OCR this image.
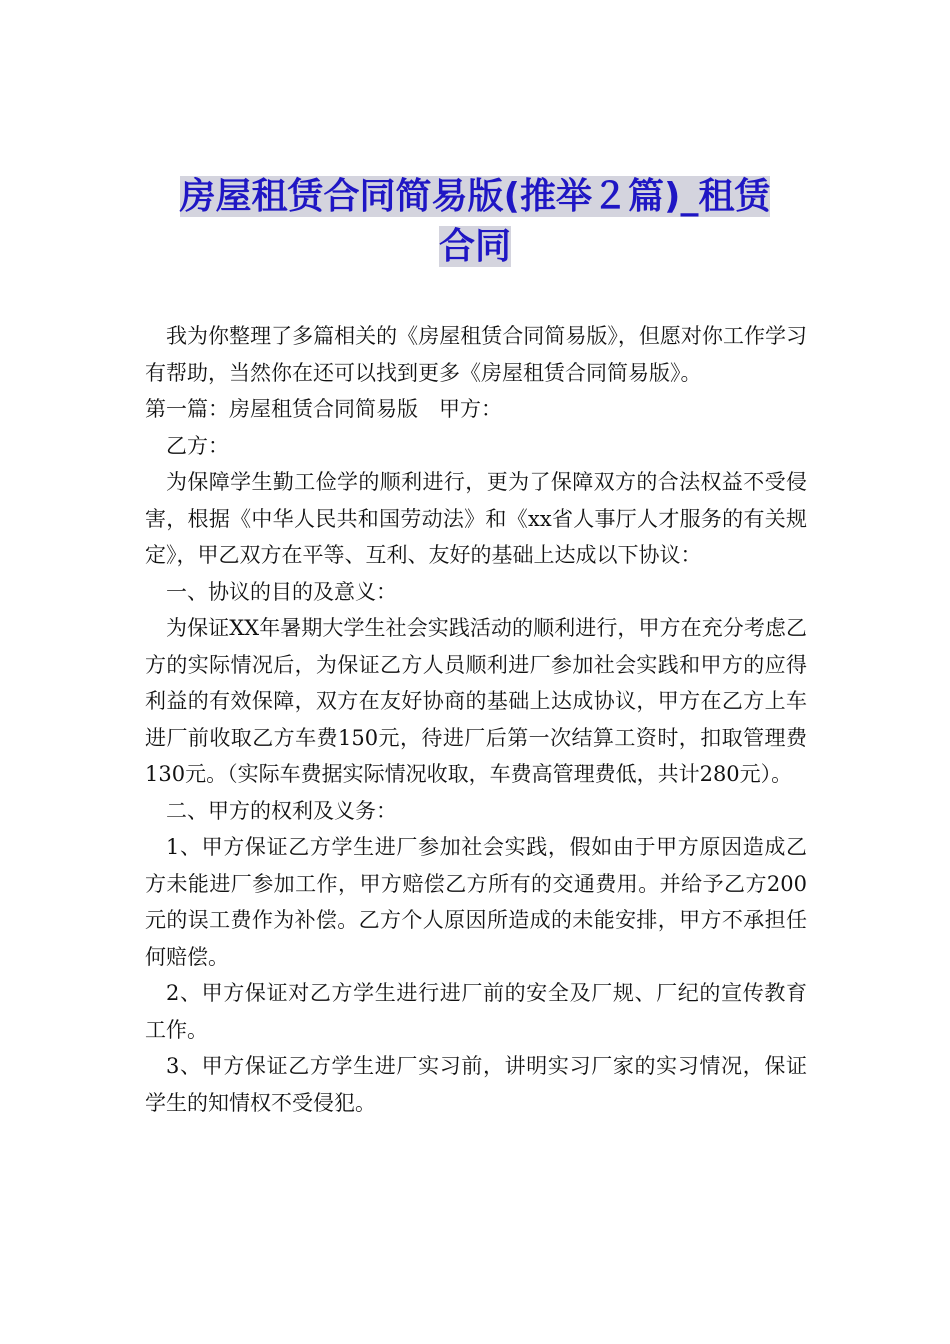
房屋租赁合同简易版(推举２篇)_租赁
合同

我为你整理了多篇相关的《房屋租赁合同简易版》，但愿对你工作学习有帮助，当然你在还可以找到更多《房屋租赁合同简易版》。

第一篇：房屋租赁合同简易版　甲方：

乙方：

为保障学生勤工俭学的顺利进行，更为了保障双方的合法权益不受侵害，根据《中华人民共和国劳动法》和《xx省人事厅人才服务的有关规定》，甲乙双方在平等、互利、友好的基础上达成以下协议：

一、协议的目的及意义：

为保证XX年暑期大学生社会实践活动的顺利进行，甲方在充分考虑乙方的实际情况后，为保证乙方人员顺利进厂参加社会实践和甲方的应得利益的有效保障，双方在友好协商的基础上达成协议，甲方在乙方上车进厂前收取乙方车费150元，待进厂后第一次结算工资时，扣取管理费130元。（实际车费据实际情况收取，车费高管理费低，共计280元）。

二、甲方的权利及义务：

1、甲方保证乙方学生进厂参加社会实践，假如由于甲方原因造成乙方未能进厂参加工作，甲方赔偿乙方所有的交通费用。并给予乙方200元的误工费作为补偿。乙方个人原因所造成的未能安排，甲方不承担任何赔偿。

2、甲方保证对乙方学生进行进厂前的安全及厂规、厂纪的宣传教育工作。

3、甲方保证乙方学生进厂实习前，讲明实习厂家的实习情况，保证学生的知情权不受侵犯。
